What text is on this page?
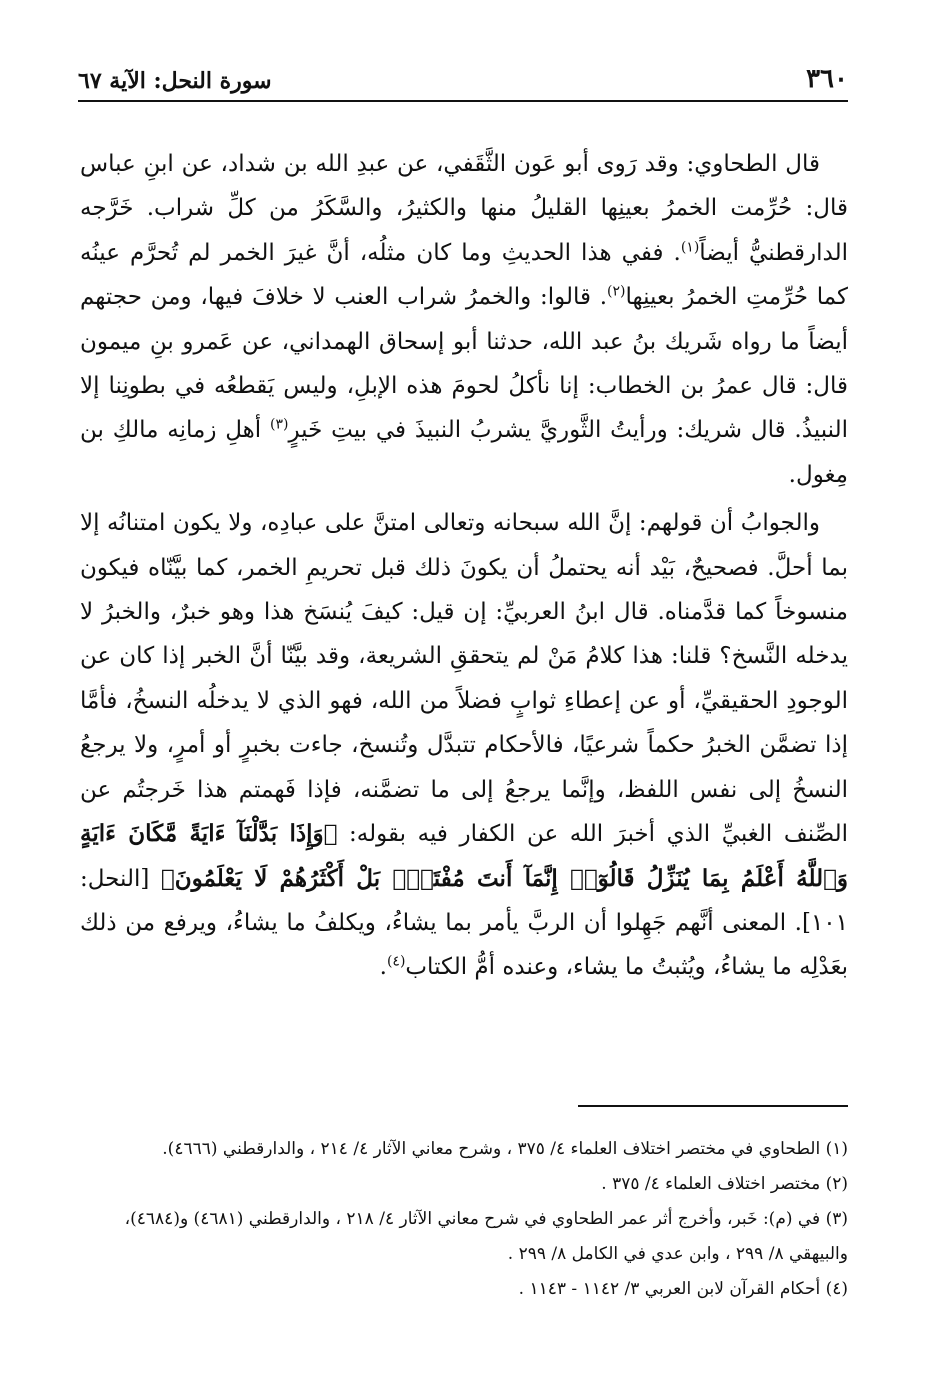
٣٦٠
سورة النحل: الآية ٦٧

قال الطحاوي: وقد رَوى أبو عَون الثَّقَفي، عن عبدِ الله بن شداد، عن ابنِ عباس قال: حُرِّمت الخمرُ بعينِها القليلُ منها والكثيرُ، والسَّكَرُ من كلِّ شراب. خَرَّجه الدارقطنيُّ أيضاً$^{(١)}$. ففي هذا الحديثِ وما كان مثلُه، أنَّ غيرَ الخمر لم تُحرَّم عينُه كما حُرِّمتِ الخمرُ بعينِها$^{(٢)}$. قالوا: والخمرُ شراب العنب لا خلافَ فيها، ومن حجتهم أيضاً ما رواه شَريك بنُ عبد الله، حدثنا أبو إسحاق الهمداني، عن عَمرو بنِ ميمون قال: قال عمرُ بن الخطاب: إنا نأكلُ لحومَ هذه الإبلِ، وليس يَقطعُه في بطونِنا إلا النبيذُ. قال شريك: ورأيتُ الثَّوريَّ يشربُ النبيذَ في بيتِ خَيرٍ$^{(٣)}$ أهلِ زمانِه مالكِ بن مِغول.

والجوابُ أن قولهم: إنَّ الله سبحانه وتعالى امتنَّ على عبادِه، ولا يكون امتنانُه إلا بما أحلَّ. فصحيحٌ، بَيْد أنه يحتملُ أن يكونَ ذلك قبل تحريمِ الخمر، كما بيَّنّاه فيكون منسوخاً كما قدَّمناه. قال ابنُ العربيِّ: إن قيل: كيفَ يُنسَخ هذا وهو خبرٌ، والخبرُ لا يدخله النَّسخ؟ قلنا: هذا كلامُ مَنْ لم يتحققِ الشريعة، وقد بيَّنّا أنَّ الخبر إذا كان عن الوجودِ الحقيقيِّ، أو عن إعطاءِ ثوابٍ فضلاً من الله، فهو الذي لا يدخلُه النسخُ، فأمَّا إذا تضمَّن الخبرُ حكماً شرعيًا، فالأحكام تتبدَّل وتُنسخ، جاءت بخبرٍ أو أمرٍ، ولا يرجعُ النسخُ إلى نفس اللفظ، وإنَّما يرجعُ إلى ما تضمَّنه، فإذا فَهمتم هذا خَرجتُم عن الصِّنف الغبيِّ الذي أخبرَ الله عن الكفار فيه بقوله: ﴿وَإِذَا بَدَّلْنَآ ءَايَةً مَّكَانَ ءَايَةٍ وَٱللَّهُ أَعْلَمُ بِمَا يُنَزِّلُ قَالُوٓا۟ إِنَّمَآ أَنتَ مُفْتَرٍۭ بَلْ أَكْثَرُهُمْ لَا يَعْلَمُونَ﴾ [النحل: ١٠١]. المعنى أنَّهم جَهِلوا أن الربَّ يأمر بما يشاءُ، ويكلفُ ما يشاءُ، ويرفع من ذلك بعَدْلِه ما يشاءُ، ويُثبتُ ما يشاء، وعنده أمُّ الكتاب$^{(٤)}$.

(١) الطحاوي في مختصر اختلاف العلماء ٤/ ٣٧٥ ، وشرح معاني الآثار ٤/ ٢١٤ ، والدارقطني (٤٦٦٦).
(٢) مختصر اختلاف العلماء ٤/ ٣٧٥ .
(٣) في (م): خَبر، وأخرج أثر عمر الطحاوي في شرح معاني الآثار ٤/ ٢١٨ ، والدارقطني (٤٦٨١) و(٤٦٨٤)، والبيهقي ٨/ ٢٩٩ ، وابن عدي في الكامل ٨/ ٢٩٩ .
(٤) أحكام القرآن لابن العربي ٣/ ١١٤٢ - ١١٤٣ .
